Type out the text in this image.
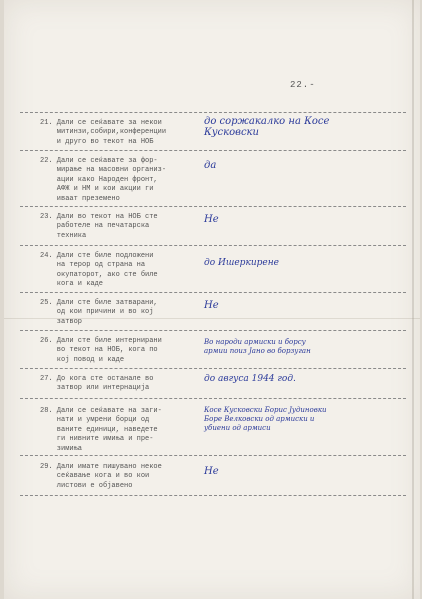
22.-
21. Дали се сеќавате за некои
митинзи,собири,конференции
и друго во текот на НОБ
до соржакалко на Косе
Кусковски
22. Дали се сеќавате за фор-
мирање на масовни организ-
ации како Народен фронт,
АФЖ и НМ и кои акции ги
иваат преземено
да
23. Дали во текот на НОБ сте
работеле на печатарска
техника
Не
24. Дали сте биле подложени
на терор од страна на
окупаторот, ако сте биле
кога и каде
до Ишеркирене
25. Дали сте биле затварани,
од кои причини и во кој
затвор
Не
26. Дали сте биле интернирани
во текот на НОБ, кога по
кој повод и каде
Во народи армиски и борсу
армии поиз Јано во борзуган
27. До кога сте останале во
затвор или интернација
до авгуса 1944 год.
28. Дали се сеќавате на заги-
нати и умрени борци од
ваните единици, наведете
ги нивните имиња и пре-
зимиња
Косе Кусковски Борис Јудиновки
Боре Велковски од армиски и
убиени од армиси
29. Дали имате пишувано некое
сеќавање кога и во кои
листови е објавено
Не
